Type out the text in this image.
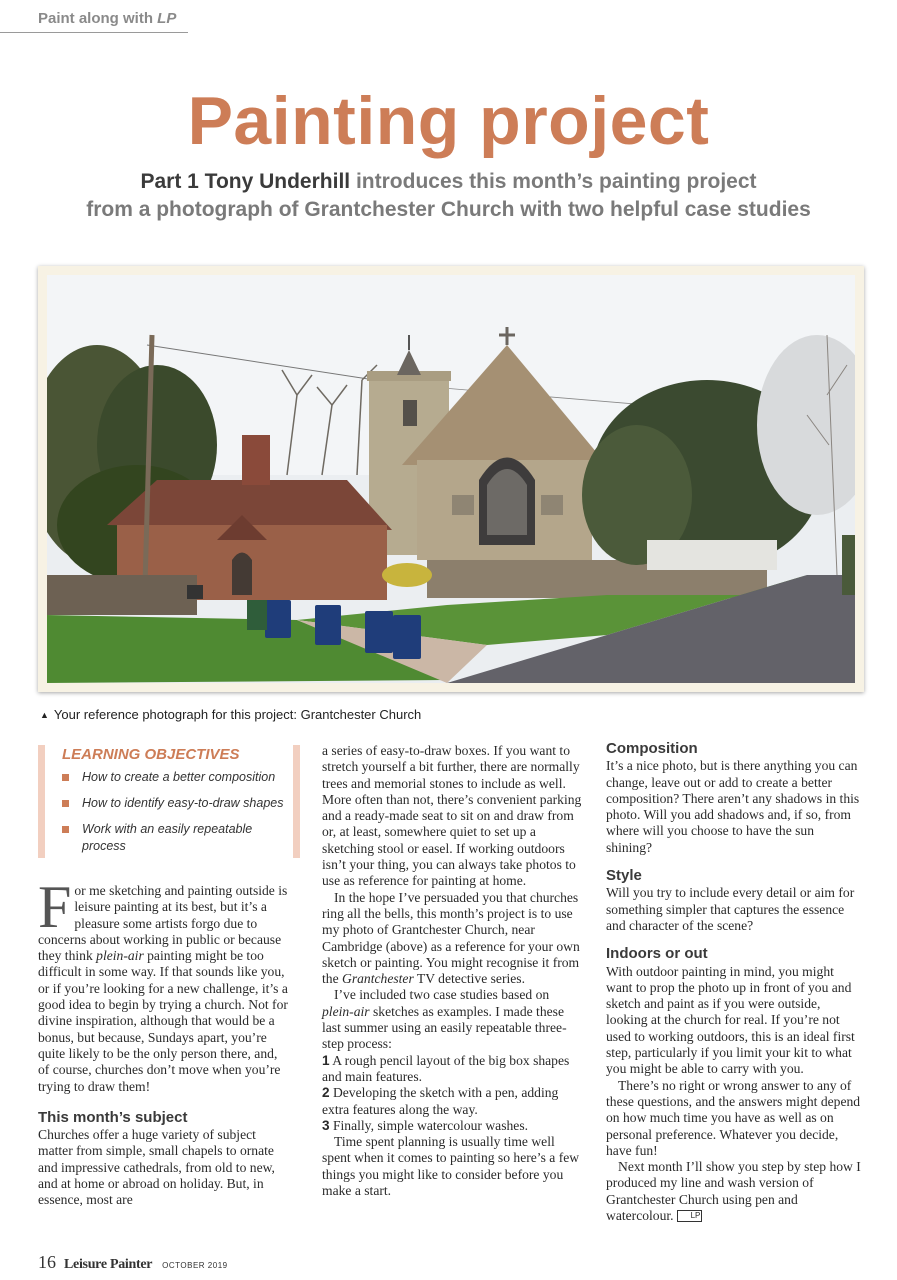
Paint along with LP
Painting project
Part 1 Tony Underhill introduces this month’s painting project
from a photograph of Grantchester Church with two helpful case studies
▲ Your reference photograph for this project: Grantchester Church
LEARNING OBJECTIVES
How to create a better composition
How to identify easy-to-draw shapes
Work with an easily repeatable process

For me sketching and painting outside is leisure painting at its best, but it’s a pleasure some artists forgo due to concerns about working in public or because they think plein-air painting might be too difficult in some way. If that sounds like you, or if you’re looking for a new challenge, it’s a good idea to begin by trying a church. Not for divine inspiration, although that would be a bonus, but because, Sundays apart, you’re quite likely to be the only person there, and, of course, churches don’t move when you’re trying to draw them!

This month’s subject

Churches offer a huge variety of subject matter from simple, small chapels to ornate and impressive cathedrals, from old to new, and at home or abroad on holiday. But, in essence, most are

a series of easy-to-draw boxes. If you want to stretch yourself a bit further, there are normally trees and memorial stones to include as well. More often than not, there’s convenient parking and a ready-made seat to sit on and draw from or, at least, somewhere quiet to set up a sketching stool or easel. If working outdoors isn’t your thing, you can always take photos to use as reference for painting at home.

In the hope I’ve persuaded you that churches ring all the bells, this month’s project is to use my photo of Grantchester Church, near Cambridge (above) as a reference for your own sketch or painting. You might recognise it from the Grantchester TV detective series.

I’ve included two case studies based on plein-air sketches as examples. I made these last summer using an easily repeatable three-step process:

1 A rough pencil layout of the big box shapes and main features.

2 Developing the sketch with a pen, adding extra features along the way.

3 Finally, simple watercolour washes.

Time spent planning is usually time well spent when it comes to painting so here’s a few things you might like to consider before you make a start.

Composition

It’s a nice photo, but is there anything you can change, leave out or add to create a better composition? There aren’t any shadows in this photo. Will you add shadows and, if so, from where will you choose to have the sun shining?

Style

Will you try to include every detail or aim for something simpler that captures the essence and character of the scene?

Indoors or out

With outdoor painting in mind, you might want to prop the photo up in front of you and sketch and paint as if you were outside, looking at the church for real. If you’re not used to working outdoors, this is an ideal first step, particularly if you limit your kit to what you might be able to carry with you.

There’s no right or wrong answer to any of these questions, and the answers might depend on how much time you have as well as on personal preference. Whatever you decide, have fun!

Next month I’ll show you step by step how I produced my line and wash version of Grantchester Church using pen and watercolour. LP

16 Leisure Painter OCTOBER 2019
